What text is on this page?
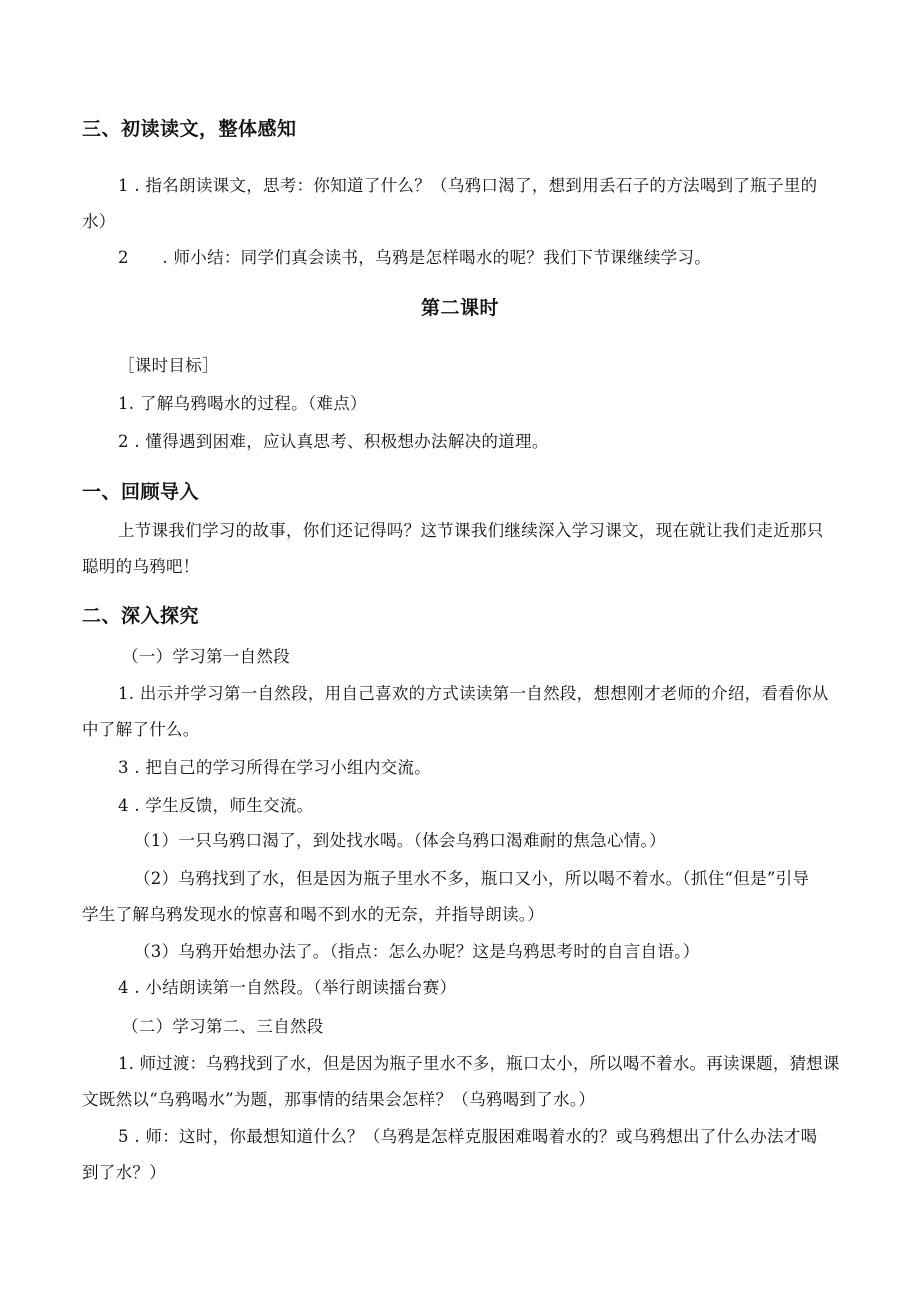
三、初读读文，整体感知
1 . 指名朗读课文，思考：你知道了什么？（乌鸦口渴了，想到用丢石子的方法喝到了瓶子里的
水）
2　　. 师小结：同学们真会读书，乌鸦是怎样喝水的呢？我们下节课继续学习。
第二课时
［课时目标］
1. 了解乌鸦喝水的过程。（难点）
2 . 懂得遇到困难，应认真思考、积极想办法解决的道理。
一、回顾导入
上节课我们学习的故事，你们还记得吗？这节课我们继续深入学习课文，现在就让我们走近那只
聪明的乌鸦吧！
二、深入探究
（一）学习第一自然段
1. 出示并学习第一自然段，用自己喜欢的方式读读第一自然段，想想刚才老师的介绍，看看你从
中了解了什么。
3 . 把自己的学习所得在学习小组内交流。
4 . 学生反馈，师生交流。
（1）一只乌鸦口渴了，到处找水喝。（体会乌鸦口渴难耐的焦急心情。）
（2）乌鸦找到了水，但是因为瓶子里水不多，瓶口又小，所以喝不着水。（抓住“但是”引导
学生了解乌鸦发现水的惊喜和喝不到水的无奈，并指导朗读。）
（3）乌鸦开始想办法了。（指点：怎么办呢？这是乌鸦思考时的自言自语。）
4 . 小结朗读第一自然段。（举行朗读擂台赛）
（二）学习第二、三自然段
1. 师过渡：乌鸦找到了水，但是因为瓶子里水不多，瓶口太小，所以喝不着水。再读课题，猜想课
文既然以“乌鸦喝水”为题，那事情的结果会怎样？（乌鸦喝到了水。）
5 . 师：这时，你最想知道什么？（乌鸦是怎样克服困难喝着水的？或乌鸦想出了什么办法才喝
到了水？）
